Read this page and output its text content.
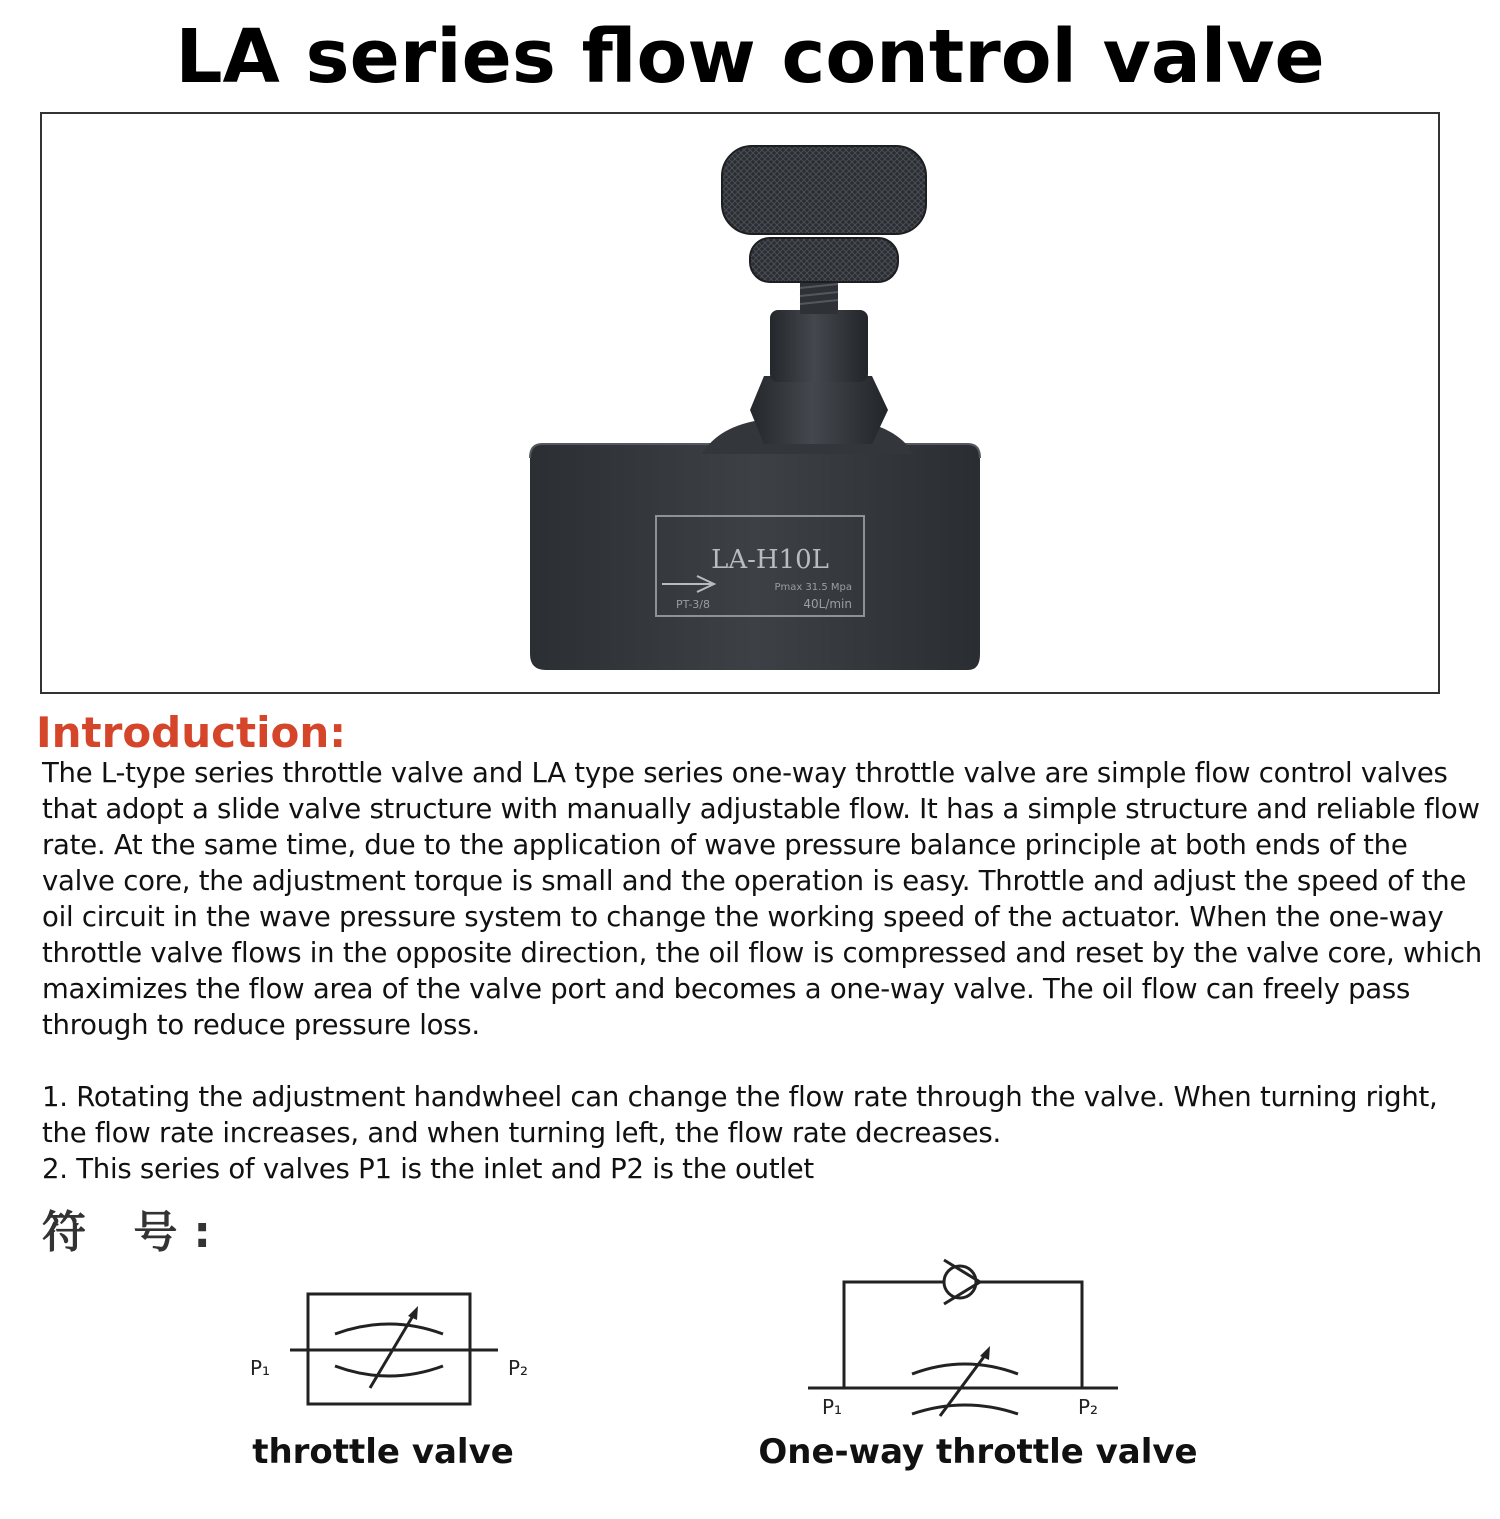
LA series flow control valve
LA-H10L
PT-3/8
Pmax 31.5 Mpa
40L/min
Introduction:

The L-type series throttle valve and LA type series one-way throttle valve are simple flow control valves that adopt a slide valve structure with manually adjustable flow. It has a simple structure and reliable flow rate. At the same time, due to the application of wave pressure balance principle at both ends of the valve core, the adjustment torque is small and the operation is easy. Throttle and adjust the speed of the oil circuit in the wave pressure system to change the working speed of the actuator. When the one-way throttle valve flows in the opposite direction, the oil flow is compressed and reset by the valve core, which maximizes the flow area of the valve port and becomes a one-way valve. The oil flow can freely pass through to reduce pressure loss.

1. Rotating the adjustment handwheel can change the flow rate through the valve. When turning right, the flow rate increases, and when turning left, the flow rate decreases.

2. This series of valves P1 is the inlet and P2 is the outlet

符 号:
P₁	P₂
P₁	P₂
throttle valve	One-way throttle valve
